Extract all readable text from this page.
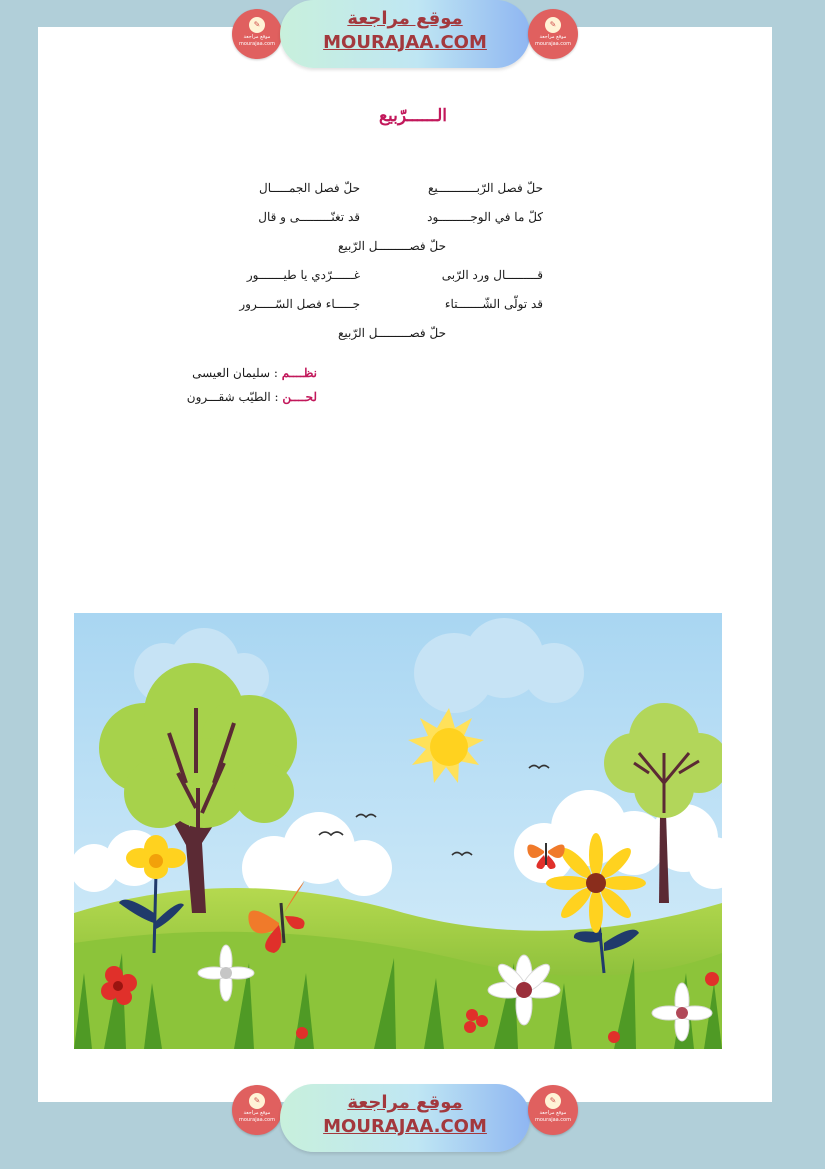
✎
موقع مراجعة
mourajaa.com
موقع مراجعة
MOURAJAA.COM
✎
موقع مراجعة
mourajaa.com
الــــــرّبيع
حلّ فصل الرّبـــــــــــيع
حلّ فصل الجمـــــال
كلّ ما في الوجـــــــــود
قد تغنّـــــــــى و قال
حلّ فصـــــــــل الرّبيع
قـــــــــال ورد الرّبى
غــــــرّدي يا طيـــــــور
قد تولّى الشّـــــــتاء
جـــــاء فصل السّـــــرور
حلّ فصـــــــــل الرّبيع
نظــــم : سليمان العيسى
لحــــن : الطيّب شقـــرون
✎
موقع مراجعة
mourajaa.com
موقع مراجعة
MOURAJAA.COM
✎
موقع مراجعة
mourajaa.com
